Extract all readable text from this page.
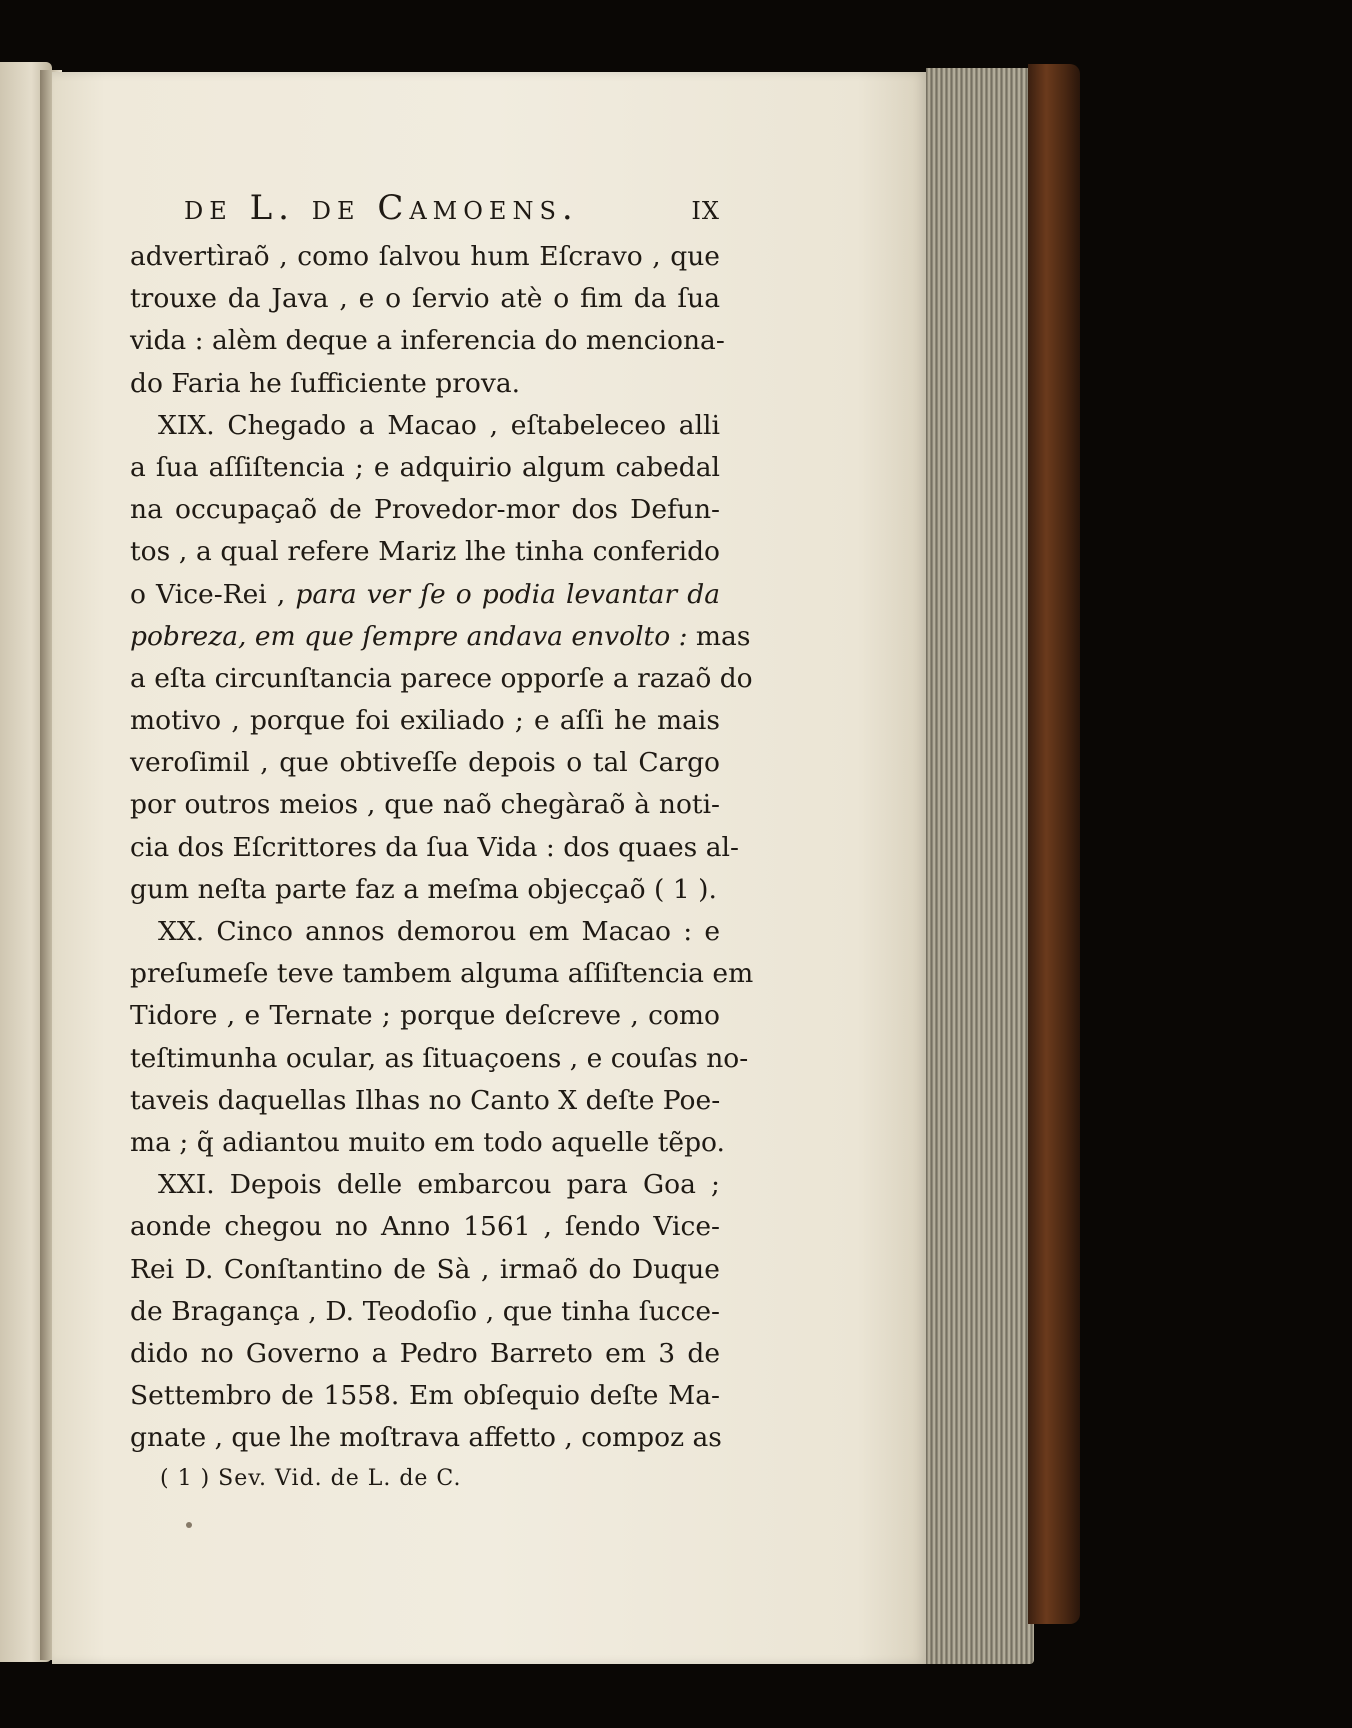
de L. de Camoens.	ix
advertìraõ , como ſalvou hum Eſcravo , que
trouxe da Java , e o ſervio atè o fim da ſua
vida : alèm deque a inferencia do menciona-
do Faria he ſufficiente prova.
XIX. Chegado a Macao , eſtabeleceo alli
a ſua aſſiſtencia ; e adquirio algum cabedal
na occupaçaõ de Provedor-mor dos Defun-
tos , a qual refere Mariz lhe tinha conferido
o Vice-Rei , para ver ſe o podia levantar da
pobreza, em que ſempre andava envolto : mas
a eſta circunſtancia parece opporſe a razaõ do
motivo , porque foi exiliado ; e aſſi he mais
veroſimil , que obtiveſſe depois o tal Cargo
por outros meios , que naõ chegàraõ à noti-
cia dos Eſcrittores da ſua Vida : dos quaes al-
gum neſta parte faz a meſma objecçaõ ( 1 ).
XX. Cinco annos demorou em Macao : e
preſumeſe teve tambem alguma aſſiſtencia em
Tidore , e Ternate ; porque deſcreve , como
teſtimunha ocular, as ſituaçoens , e couſas no-
taveis daquellas Ilhas no Canto X deſte Poe-
ma ; q̃ adiantou muito em todo aquelle tẽpo.
XXI. Depois delle embarcou para Goa ;
aonde chegou no Anno 1561 , ſendo Vice-
Rei D. Conſtantino de Sà , irmaõ do Duque
de Bragança , D. Teodoſio , que tinha ſucce-
dido no Governo a Pedro Barreto em 3 de
Settembro de 1558. Em obſequio deſte Ma-
gnate , que lhe moſtrava affetto , compoz as
( 1 ) Sev. Vid. de L. de C.
